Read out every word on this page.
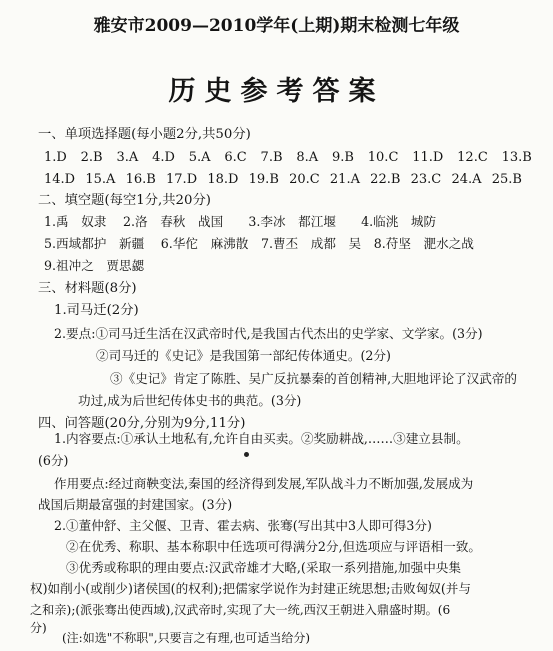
雅安市2009—2010学年(上期)期末检测七年级
历史参考答案
一、单项选择题(每小题2分,共50分)
1.D 2.B 3.A 4.D 5.A 6.C 7.B 8.A 9.B 10.C 11.D 12.C 13.B
14.D 15.A 16.B 17.D 18.D 19.B 20.C 21.A 22.B 23.C 24.A 25.B
二、填空题(每空1分,共20分)
1.禹　奴隶　 2.洛　春秋　战国　　3.李冰　都江堰　　4.临洮　城防
5.西域都护　新疆　 6.华佗　麻沸散　7.曹丕　成都　吴　8.苻坚　淝水之战
9.祖冲之　贾思勰
三、材料题(8分)
1.司马迁(2分)
2.要点:①司马迁生活在汉武帝时代,是我国古代杰出的史学家、文学家。(3分)
②司马迁的《史记》是我国第一部纪传体通史。(2分)
③《史记》肯定了陈胜、吴广反抗暴秦的首创精神,大胆地评论了汉武帝的
功过,成为后世纪传体史书的典范。(3分)
四、问答题(20分,分别为9分,11分)
1.内容要点:①承认土地私有,允许自由买卖。②奖励耕战,……③建立县制。
(6分)
作用要点:经过商鞅变法,秦国的经济得到发展,军队战斗力不断加强,发展成为
战国后期最富强的封建国家。(3分)
2.①董仲舒、主父偃、卫青、霍去病、张骞(写出其中3人即可得3分)
②在优秀、称职、基本称职中任选项可得满分2分,但选项应与评语相一致。
③优秀或称职的理由要点:汉武帝雄才大略,(采取一系列措施,加强中央集
权)如削小(或削少)诸侯国(的权利);把儒家学说作为封建正统思想;击败匈奴(并与
之和亲);(派张骞出使西域),汉武帝时,实现了大一统,西汉王朝进入鼎盛时期。(6
分)
(注:如选"不称职",只要言之有理,也可适当给分)
